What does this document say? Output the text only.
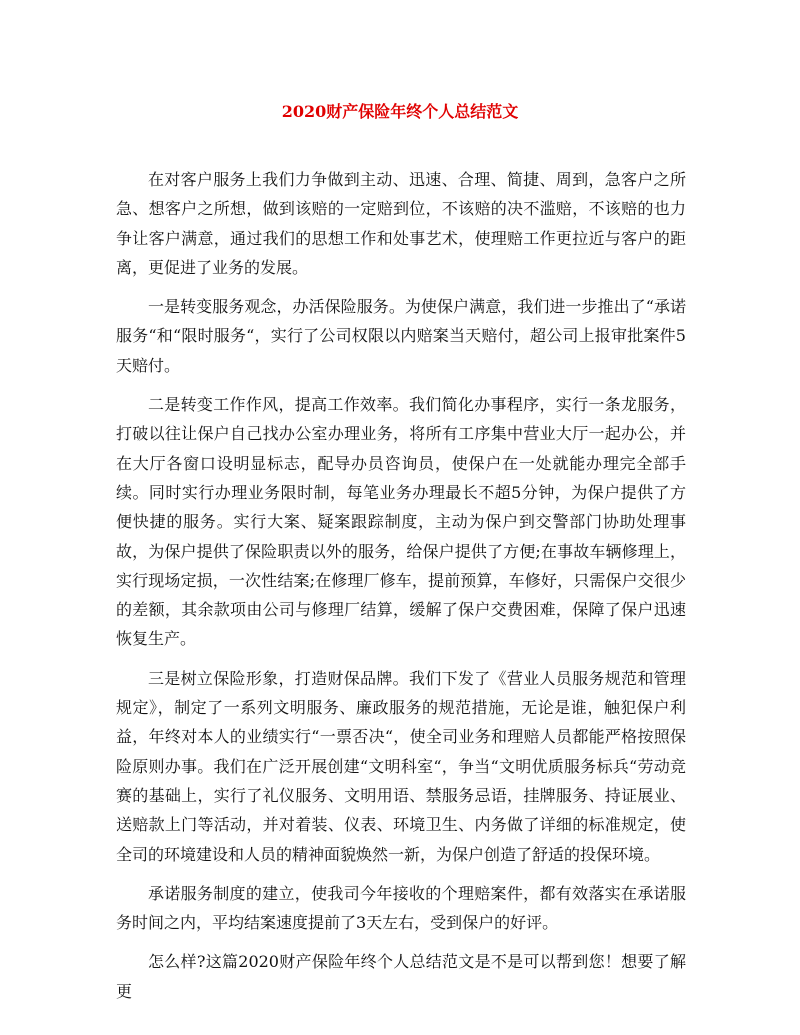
2020财产保险年终个人总结范文

在对客户服务上我们力争做到主动、迅速、合理、简捷、周到，急客户之所急、想客户之所想，做到该赔的一定赔到位，不该赔的决不滥赔，不该赔的也力争让客户满意，通过我们的思想工作和处事艺术，使理赔工作更拉近与客户的距离，更促进了业务的发展。

一是转变服务观念，办活保险服务。为使保户满意，我们进一步推出了“承诺服务“和“限时服务“，实行了公司权限以内赔案当天赔付，超公司上报审批案件5天赔付。

二是转变工作作风，提高工作效率。我们简化办事程序，实行一条龙服务，打破以往让保户自己找办公室办理业务，将所有工序集中营业大厅一起办公，并在大厅各窗口设明显标志，配导办员咨询员，使保户在一处就能办理完全部手续。同时实行办理业务限时制，每笔业务办理最长不超5分钟，为保户提供了方便快捷的服务。实行大案、疑案跟踪制度，主动为保户到交警部门协助处理事故，为保户提供了保险职责以外的服务，给保户提供了方便;在事故车辆修理上，实行现场定损，一次性结案;在修理厂修车，提前预算，车修好，只需保户交很少的差额，其余款项由公司与修理厂结算，缓解了保户交费困难，保障了保户迅速恢复生产。

三是树立保险形象，打造财保品牌。我们下发了《营业人员服务规范和管理规定》，制定了一系列文明服务、廉政服务的规范措施，无论是谁，触犯保户利益，年终对本人的业绩实行“一票否决“，使全司业务和理赔人员都能严格按照保险原则办事。我们在广泛开展创建“文明科室“，争当“文明优质服务标兵“劳动竞赛的基础上，实行了礼仪服务、文明用语、禁服务忌语，挂牌服务、持证展业、送赔款上门等活动，并对着装、仪表、环境卫生、内务做了详细的标准规定，使全司的环境建设和人员的精神面貌焕然一新，为保户创造了舒适的投保环境。

承诺服务制度的建立，使我司今年接收的个理赔案件，都有效落实在承诺服务时间之内，平均结案速度提前了3天左右，受到保户的好评。

怎么样?这篇2020财产保险年终个人总结范文是不是可以帮到您！想要了解更
